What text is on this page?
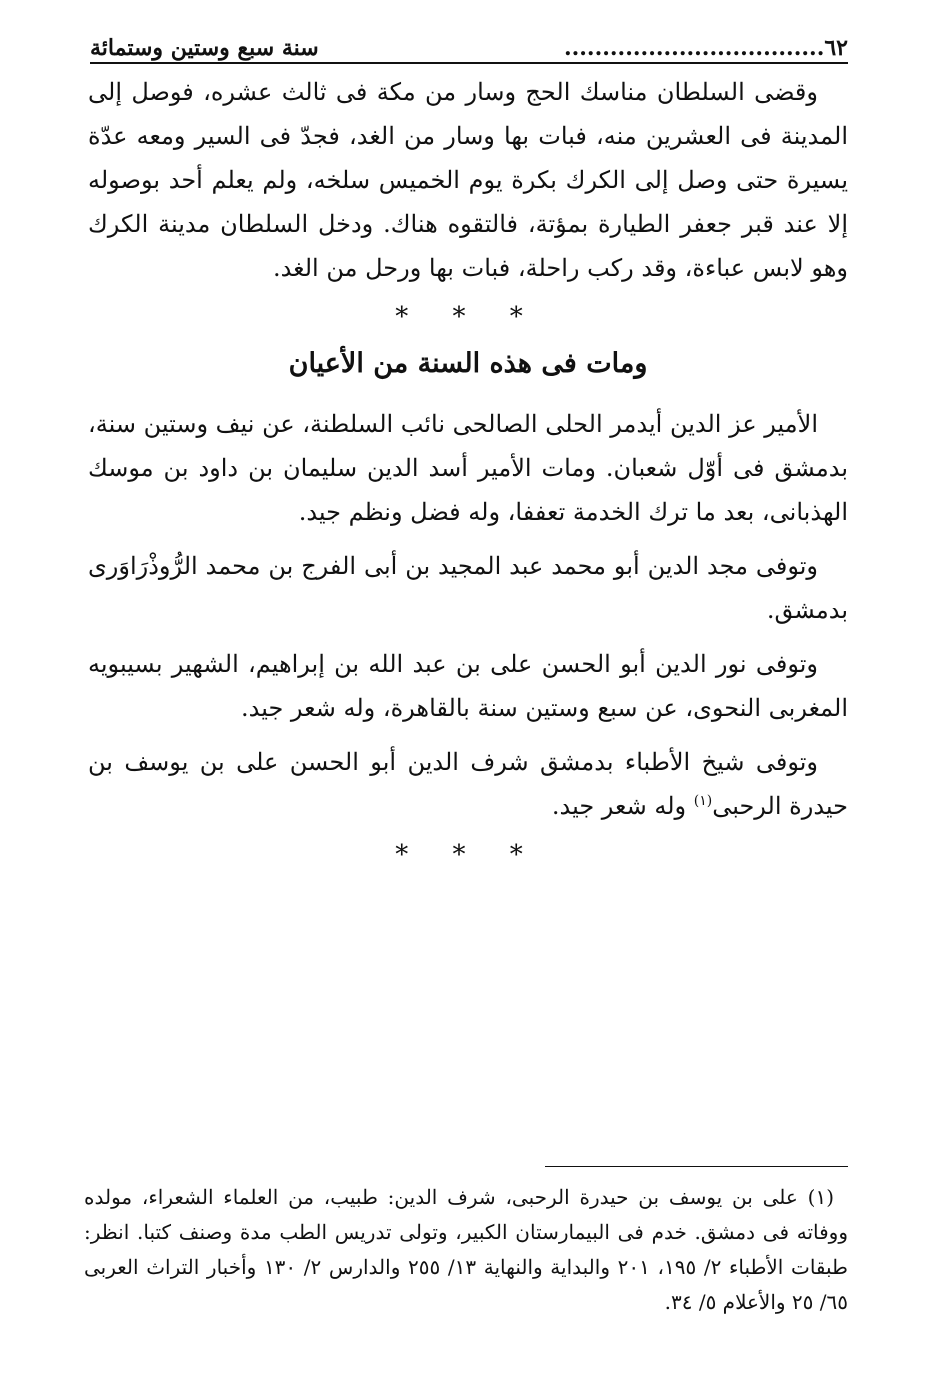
٦٢..................................
سنة سبع وستين وستمائة

وقضى السلطان مناسك الحج وسار من مكة فى ثالث عشره، فوصل إلى المدينة فى العشرين منه، فبات بها وسار من الغد، فجدّ فى السير ومعه عدّة يسيرة حتى وصل إلى الكرك بكرة يوم الخميس سلخه، ولم يعلم أحد بوصوله إلا عند قبر جعفر الطيارة بمؤتة، فالتقوه هناك. ودخل السلطان مدينة الكرك وهو لابس عباءة، وقد ركب راحلة، فبات بها ورحل من الغد.

* * *
ومات فى هذه السنة من الأعيان

الأمير عز الدين أيدمر الحلى الصالحى نائب السلطنة، عن نيف وستين سنة، بدمشق فى أوّل شعبان. ومات الأمير أسد الدين سليمان بن داود بن موسك الهذبانى، بعد ما ترك الخدمة تعففا، وله فضل ونظم جيد.

وتوفى مجد الدين أبو محمد عبد المجيد بن أبى الفرج بن محمد الرُّوذْرَاوَرى بدمشق.

وتوفى نور الدين أبو الحسن على بن عبد الله بن إبراهيم، الشهير بسيبويه المغربى النحوى، عن سبع وستين سنة بالقاهرة، وله شعر جيد.

وتوفى شيخ الأطباء بدمشق شرف الدين أبو الحسن على بن يوسف بن حيدرة الرحبى$^{(١)}$ وله شعر جيد.

* * *

(١) على بن يوسف بن حيدرة الرحبى، شرف الدين: طبيب، من العلماء الشعراء، مولده ووفاته فى دمشق. خدم فى البيمارستان الكبير، وتولى تدريس الطب مدة وصنف كتبا. انظر: طبقات الأطباء ٢/ ١٩٥، ٢٠١ والبداية والنهاية ١٣/ ٢٥٥ والدارس ٢/ ١٣٠ وأخبار التراث العربى ٦٥/ ٢٥ والأعلام ٥/ ٣٤.
